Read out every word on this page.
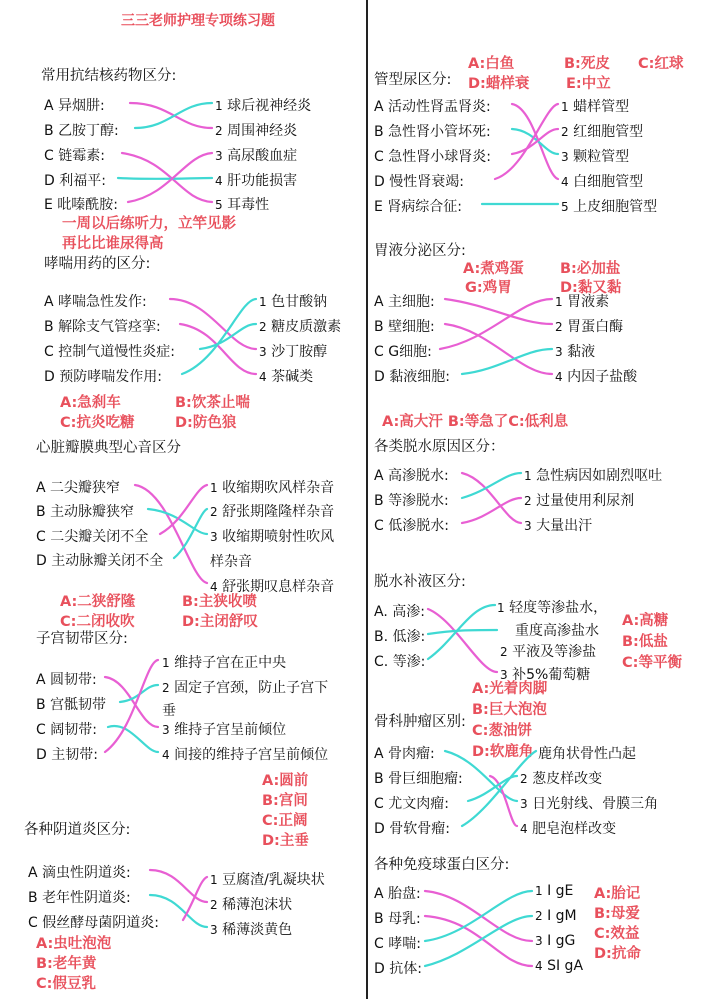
三三老师护理专项练习题
常用抗结核药物区分:
A 异烟肼:
B 乙胺丁醇:
C 链霉素:
D 利福平:
E 吡嗪酰胺:
1 球后视神经炎
2 周围神经炎
3 高尿酸血症
4 肝功能损害
5 耳毒性
一周以后练听力，立竿见影
再比比谁尿得高
哮喘用药的区分:
A 哮喘急性发作:
B 解除支气管痉挛:
C 控制气道慢性炎症:
D 预防哮喘发作用:
1 色甘酸钠
2 糖皮质激素
3 沙丁胺醇
4 茶碱类
A:急刹车	B:饮茶止喘
C:抗炎吃糖	D:防色狼
心脏瓣膜典型心音区分
A 二尖瓣狭窄
B 主动脉瓣狭窄
C 二尖瓣关闭不全
D 主动脉瓣关闭不全
1 收缩期吹风样杂音
2 舒张期隆隆样杂音
3 收缩期喷射性吹风
样杂音
4 舒张期叹息样杂音
A:二狭舒隆	B:主狭收喷
C:二闭收吹	D:主闭舒叹
子宫韧带区分:
A 圆韧带:
B 宫骶韧带
C 阔韧带:
D 主韧带:
1 维持子宫在正中央
2 固定子宫颈，防止子宫下
垂
3 维持子宫呈前倾位
4 间接的维持子宫呈前倾位
A:圆前
B:宫间
C:正阔
D:主垂
各种阴道炎区分:
A 滴虫性阴道炎:
B 老年性阴道炎:
C 假丝酵母菌阴道炎:
1 豆腐渣/乳凝块状
2 稀薄泡沫状
3 稀薄淡黄色
A:虫吐泡泡
B:老年黄
C:假豆乳
管型尿区分:
A:白鱼	B:死皮 C:红球
D:蜡样衰	E:中立
A 活动性肾盂肾炎:
B 急性肾小管坏死:
C 急性肾小球肾炎:
D 慢性肾衰竭:
E 肾病综合征:
1 蜡样管型
2 红细胞管型
3 颗粒管型
4 白细胞管型
5 上皮细胞管型
胃液分泌区分:
A:煮鸡蛋 B:必加盐
G:鸡胃	D:黏又黏
A 主细胞:
B 壁细胞:
C G细胞:
D 黏液细胞:
1 胃液素
2 胃蛋白酶
3 黏液
4 内因子盐酸
A:高大汗 B:等急了C:低利息
各类脱水原因区分：
A 高渗脱水:
B 等渗脱水:
C 低渗脱水:
1 急性病因如剧烈呕吐
2 过量使用利尿剂
3 大量出汗
脱水补液区分:
A. 高渗:
B. 低渗:
C. 等渗:
1 轻度等渗盐水，
重度高渗盐水
2 平液及等渗盐
3 补5%葡萄糖
A:高糖
B:低盐
C:等平衡
A:光着肉脚
B:巨大泡泡
C:葱油饼
D:软鹿角
骨科肿瘤区别:
A 骨肉瘤:
B 骨巨细胞瘤:
C 尤文肉瘤:
D 骨软骨瘤:
鹿角状骨性凸起
2 葱皮样改变
3 日光射线、骨膜三角
4 肥皂泡样改变
各种免疫球蛋白区分:
A 胎盘:
B 母乳:
C 哮喘:
D 抗体:
1 I gE
2 I gM
3 I gG
4 SI gA
A:胎记
B:母爱
C:效益
D:抗命
